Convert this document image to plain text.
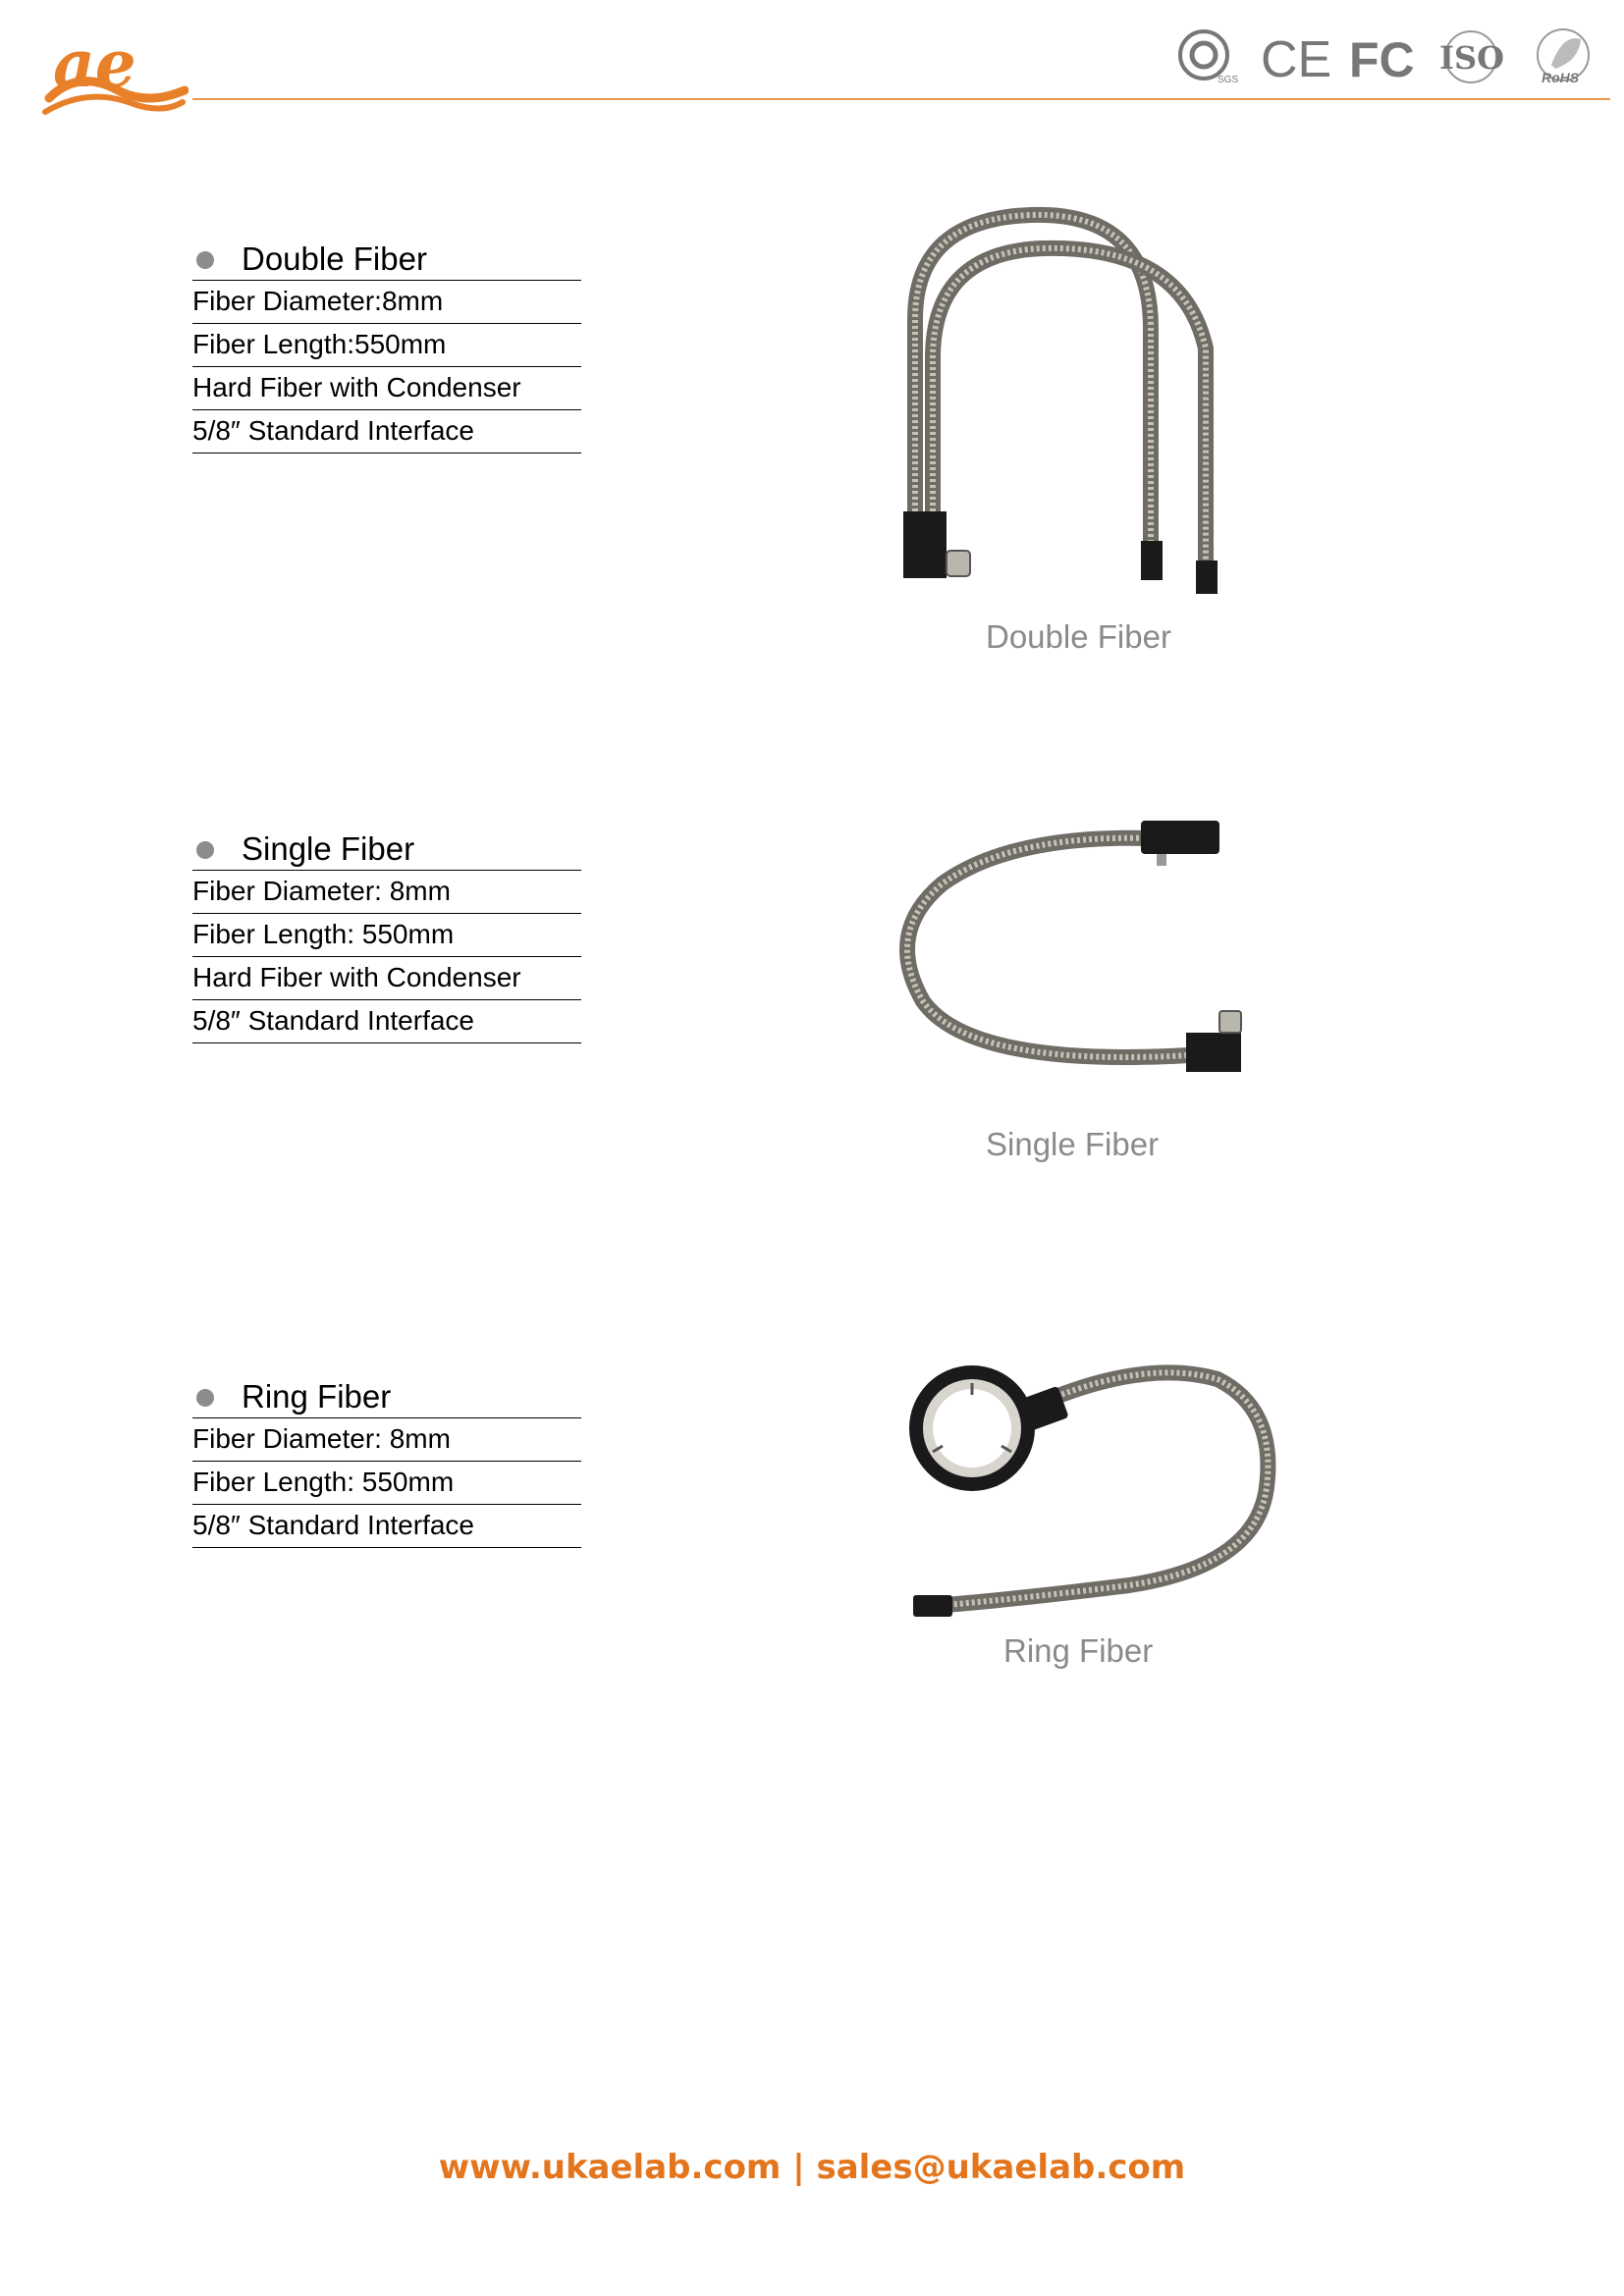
ae	SGS CE FC ISO
RoHS
Double Fiber
Fiber Diameter:8mm
Fiber Length:550mm
Hard Fiber with Condenser
5/8″ Standard Interface
Double Fiber
Single Fiber
Fiber Diameter: 8mm
Fiber Length: 550mm
Hard Fiber with Condenser
5/8″ Standard Interface
Single Fiber
Ring Fiber
Fiber Diameter: 8mm
Fiber Length: 550mm
5/8″ Standard Interface
Ring Fiber
www.ukaelab.com | sales@ukaelab.com
